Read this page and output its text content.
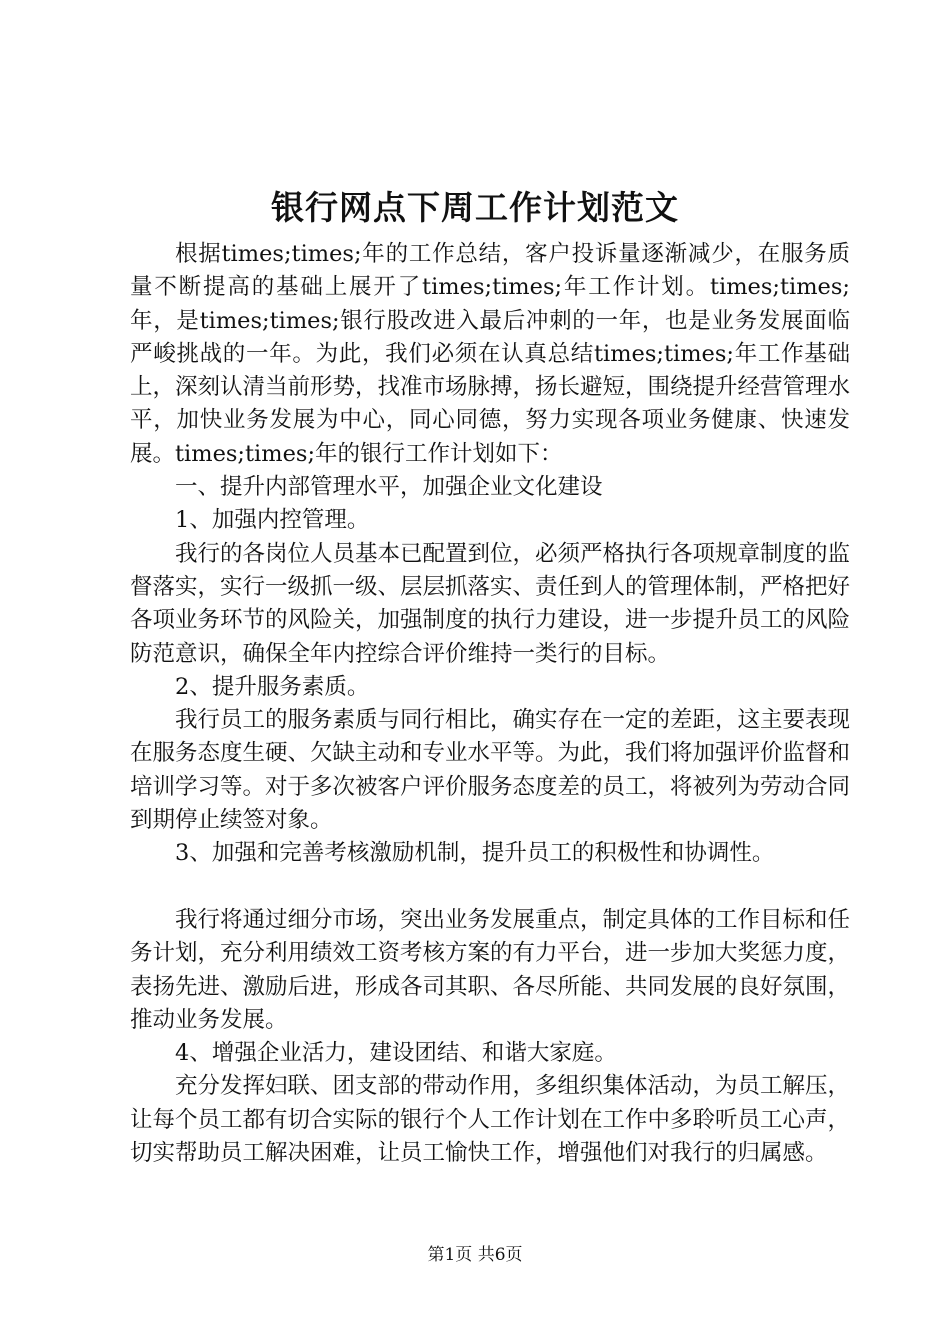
银行网点下周工作计划范文

根据times;times;年的工作总结，客户投诉量逐渐减少，在服务质量不断提高的基础上展开了times;times;年工作计划。times;times;年，是times;times;银行股改进入最后冲刺的一年，也是业务发展面临严峻挑战的一年。为此，我们必须在认真总结times;times;年工作基础上，深刻认清当前形势，找准市场脉搏，扬长避短，围绕提升经营管理水平，加快业务发展为中心，同心同德，努力实现各项业务健康、快速发展。times;times;年的银行工作计划如下：

一、提升内部管理水平，加强企业文化建设

1、加强内控管理。

我行的各岗位人员基本已配置到位，必须严格执行各项规章制度的监督落实，实行一级抓一级、层层抓落实、责任到人的管理体制，严格把好各项业务环节的风险关，加强制度的执行力建设，进一步提升员工的风险防范意识，确保全年内控综合评价维持一类行的目标。

2、提升服务素质。

我行员工的服务素质与同行相比，确实存在一定的差距，这主要表现在服务态度生硬、欠缺主动和专业水平等。为此，我们将加强评价监督和培训学习等。对于多次被客户评价服务态度差的员工，将被列为劳动合同到期停止续签对象。

3、加强和完善考核激励机制，提升员工的积极性和协调性。

我行将通过细分市场，突出业务发展重点，制定具体的工作目标和任务计划，充分利用绩效工资考核方案的有力平台，进一步加大奖惩力度，表扬先进、激励后进，形成各司其职、各尽所能、共同发展的良好氛围，推动业务发展。

4、增强企业活力，建设团结、和谐大家庭。

充分发挥妇联、团支部的带动作用，多组织集体活动，为员工解压，让每个员工都有切合实际的银行个人工作计划在工作中多聆听员工心声，切实帮助员工解决困难，让员工愉快工作，增强他们对我行的归属感。

第1页 共6页
